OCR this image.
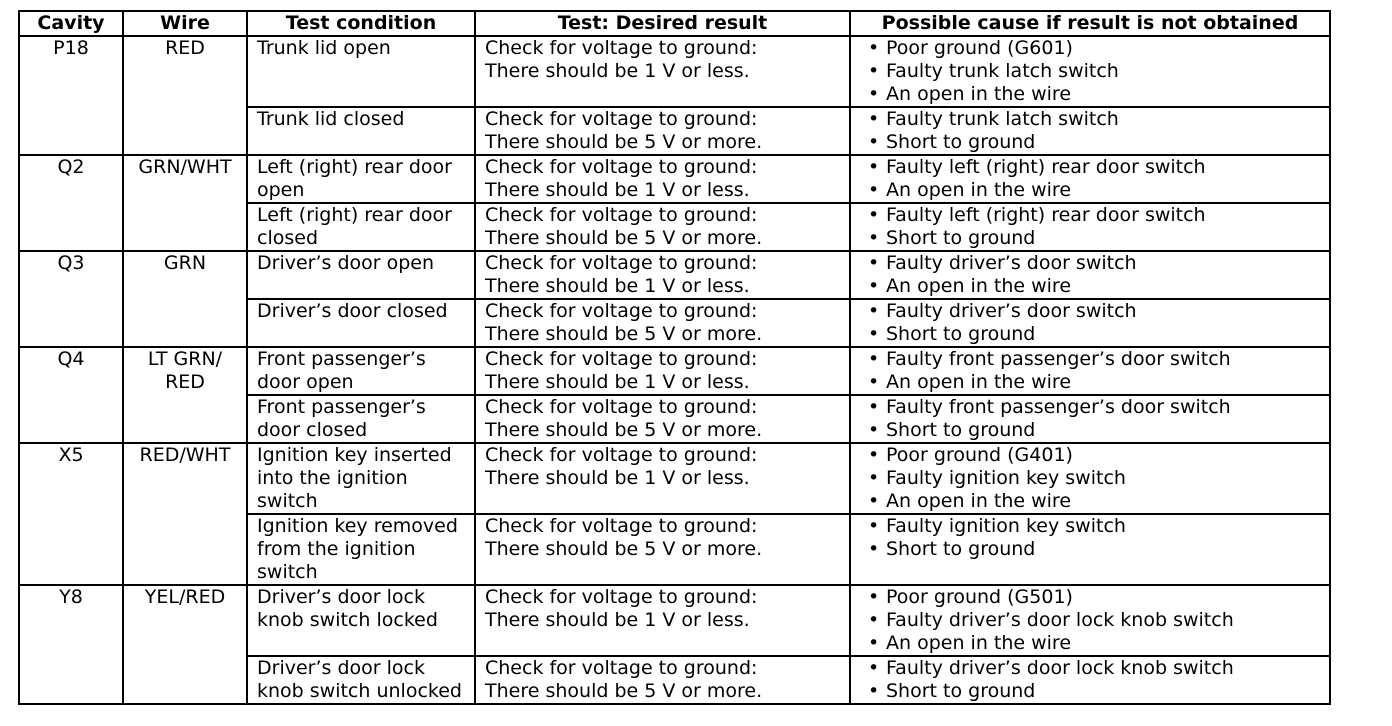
Cavity	Wire	Test condition	Test: Desired result	Possible cause if result is not obtained

P18	RED	Trunk lid open	Check for voltage to ground:
There should be 1 V or less.	• Poor ground (G601)
• Faulty trunk latch switch
• An open in the wire

		Trunk lid closed	Check for voltage to ground:
There should be 5 V or more.	• Faulty trunk latch switch
• Short to ground

Q2	GRN/WHT	Left (right) rear door
open	Check for voltage to ground:
There should be 1 V or less.	• Faulty left (right) rear door switch
• An open in the wire

		Left (right) rear door
closed	Check for voltage to ground:
There should be 5 V or more.	• Faulty left (right) rear door switch
• Short to ground

Q3	GRN	Driver’s door open	Check for voltage to ground:
There should be 1 V or less.	• Faulty driver’s door switch
• An open in the wire

		Driver’s door closed	Check for voltage to ground:
There should be 5 V or more.	• Faulty driver’s door switch
• Short to ground

Q4	LT GRN/
RED	Front passenger’s
door open	Check for voltage to ground:
There should be 1 V or less.	• Faulty front passenger’s door switch
• An open in the wire

		Front passenger’s
door closed	Check for voltage to ground:
There should be 5 V or more.	• Faulty front passenger’s door switch
• Short to ground

X5	RED/WHT	Ignition key inserted
into the ignition
switch	Check for voltage to ground:
There should be 1 V or less.	• Poor ground (G401)
• Faulty ignition key switch
• An open in the wire

		Ignition key removed
from the ignition
switch	Check for voltage to ground:
There should be 5 V or more.	• Faulty ignition key switch
• Short to ground

Y8	YEL/RED	Driver’s door lock
knob switch locked	Check for voltage to ground:
There should be 1 V or less.	• Poor ground (G501)
• Faulty driver’s door lock knob switch
• An open in the wire

		Driver’s door lock
knob switch unlocked	Check for voltage to ground:
There should be 5 V or more.	• Faulty driver’s door lock knob switch
• Short to ground
